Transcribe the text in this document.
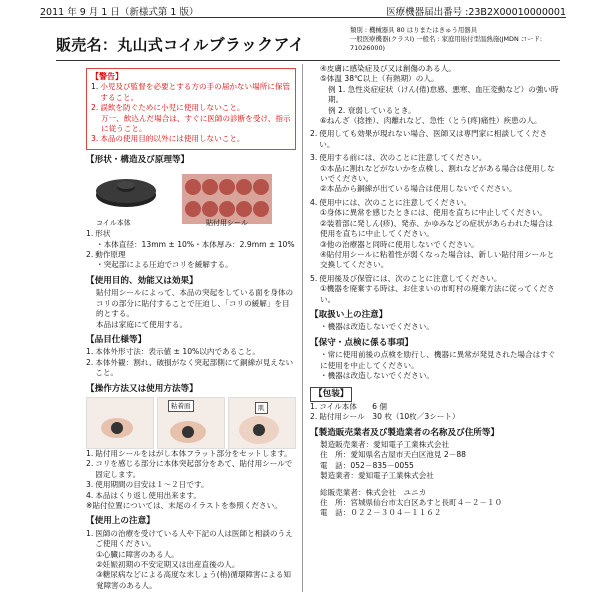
2011 年 9 月 1 日（新様式第 1 版）	医療機器届出番号 :23B2X00010000001
販売名：丸山式コイルブラックアイ
類別 : 機械器具 80 はりまたはきゅう用器具
一般医療機器(クラスⅠ) 一般名 : 家庭用貼付型温熱施(JMDN コード: 71026000)
【警告】
1. 小児及び監督を必要とする方の手の届かない場所に保管すること。
2. 誤飲を防ぐために小児に使用しないこと。
万一、飲込んだ場合は、すぐに医師の診断を受け、指示に従うこと。
3. 本品の使用目的以外には使用しないこと。
【形状・構造及び原理等】
コイル本体	貼付用シール
1. 形状
・本体直径：13mm ± 10%・本体厚み：2.9mm ± 10%
2. 動作原理
・突起部による圧迫でコリを緩解する。
【使用目的、効能又は効果】
貼付用シールによって、本品の突起をしている面を身体のコリの部分に貼付することで圧迫し、「コリの緩解」を目的とする。
本品は家庭にて使用する。
【品目仕様等】
1. 本体外形寸法：表示値 ± 10%以内であること。
2. 本体外観：割れ、破損がなく突起部側にて銅線が見えないこと。
【操作方法又は使用方法等】
粘着面	肌
1. 貼付用シールをはがし本体フラット部分をセットします。
2. コリを感じる部分に本体突起部分をあて、貼付用シールで固定します。
3. 使用期間の目安は１〜２日です。
4. 本品はくり返し使用出来ます。
※貼付位置については、末尾のイラストを参照ください。
【使用上の注意】
1. 医師の治療を受けている人や下記の人は医師と相談のうえご使用ください。
①心臓に障害のある人。
②妊娠初期の不安定期又は出産直後の人。
③糖尿病などによる高度な末しょう(梢)循環障害による知覚障害のある人。
④皮膚に感染症及び又は創傷のある人。
⑤体温 38℃以上（有熱期）の人。
例 1. 急性炎症症状（けん(倦)怠感、悪寒、血圧変動など）の強い時期。
例 2. 衰弱しているとき。
⑥ねんざ（捻挫）、肉離れなど、急性（とう(疼)痛性）疾患の人。
2. 使用しても効果が現れない場合、医師又は専門家に相談してください。
3. 使用する前には、次のことに注意してください。
①本品に割れなどがないかを点検し、割れなどがある場合は使用しないでください。
②本品から銅線が出ている場合は使用しないでください。
4. 使用中には、次のことに注意してください。
①身体に異常を感じたときには、使用を直ちに中止してください。
②装着部に発しん(疹)、発赤、かゆみなどの症状があらわれた場合は使用を直ちに中止してください。
③他の治療器と同時に使用しないでください。
④貼付用シールに粘着性が弱くなった場合は、新しい貼付用シールと交換してください。
5. 使用後及び保管には、次のことに注意してください。
①機器を廃棄する時は、お住まいの市町村の廃棄方法に従ってください。
【取扱い上の注意】
・機器は改造しないでください。
【保守・点検に係る事項】
・常に使用前後の点検を励行し、機器に異常が発見された場合はすぐに使用を中止してください。
・機器は改造しないでください。
【包装】
1. コイル本体　　6 個
2. 貼付用シール　30 枚（10枚／3シート）
【製造販売業者及び製造業者の名称及び住所等】
製造販売業者：愛知電子工業株式会社
住　所：愛知県名古屋市天白区池見 2－88
電　話：052－835－0055
製造業者：愛知電子工業株式会社
総販売業者：株式会社　ユニカ
住　所：宮城県仙台市太白区あすと長町４－２－１０
電　話：０２２－３０４－１１６２
